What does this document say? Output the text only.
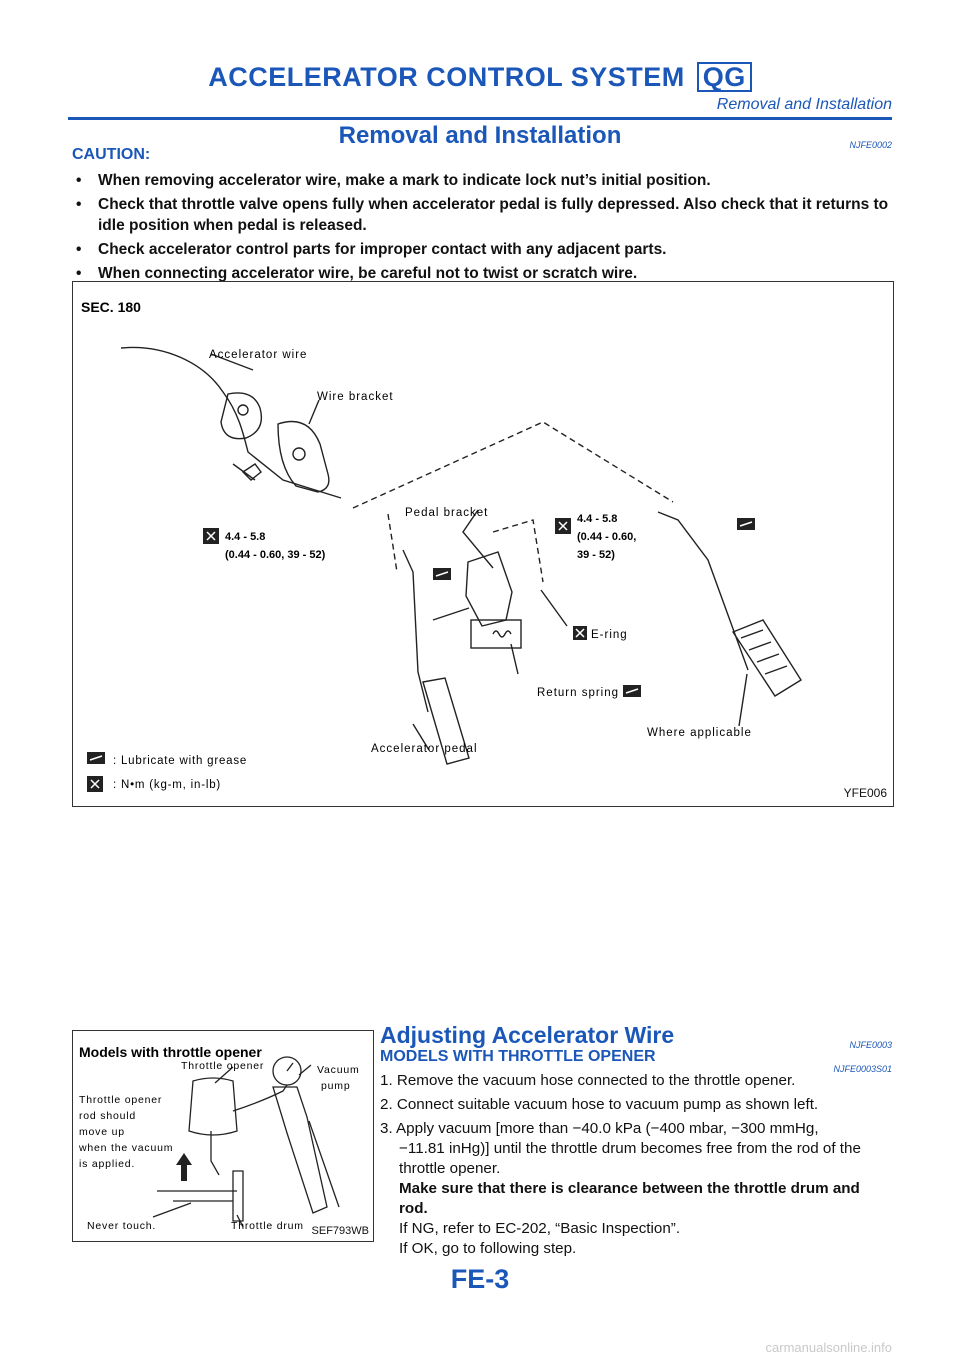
ACCELERATOR CONTROL SYSTEM QG
Removal and Installation
Removal and Installation	NJFE0002
CAUTION:
• When removing accelerator wire, make a mark to indicate lock nut’s initial position.
• Check that throttle valve opens fully when accelerator pedal is fully depressed. Also check that it returns to idle position when pedal is released.
• Check accelerator control parts for improper contact with any adjacent parts.
• When connecting accelerator wire, be careful not to twist or scratch wire.
SEC. 180
Accelerator wire
Wire bracket
Pedal bracket
4.4 - 5.8
(0.44 - 0.60, 39 - 52)
4.4 - 5.8
(0.44 - 0.60,
39 - 52)
E-ring
Return spring
Accelerator pedal
Where applicable
: Lubricate with grease
: N•m (kg-m, in-lb)
YFE006
Models with throttle opener
Throttle opener	Vacuum
pump
Throttle opener
rod should
move up
when the vacuum
is applied.
Never touch.	Throttle drum SEF793WB
Adjusting Accelerator Wire	NJFE0003
MODELS WITH THROTTLE OPENER
NJFE0003S01
1. Remove the vacuum hose connected to the throttle opener.
2. Connect suitable vacuum hose to vacuum pump as shown left.
3. Apply vacuum [more than −40.0 kPa (−400 mbar, −300 mmHg,
−11.81 inHg)] until the throttle drum becomes free from the rod of the throttle opener.
Make sure that there is clearance between the throttle drum and rod.
If NG, refer to EC-202, “Basic Inspection”.
If OK, go to following step.
FE-3
carmanualsonline.info
